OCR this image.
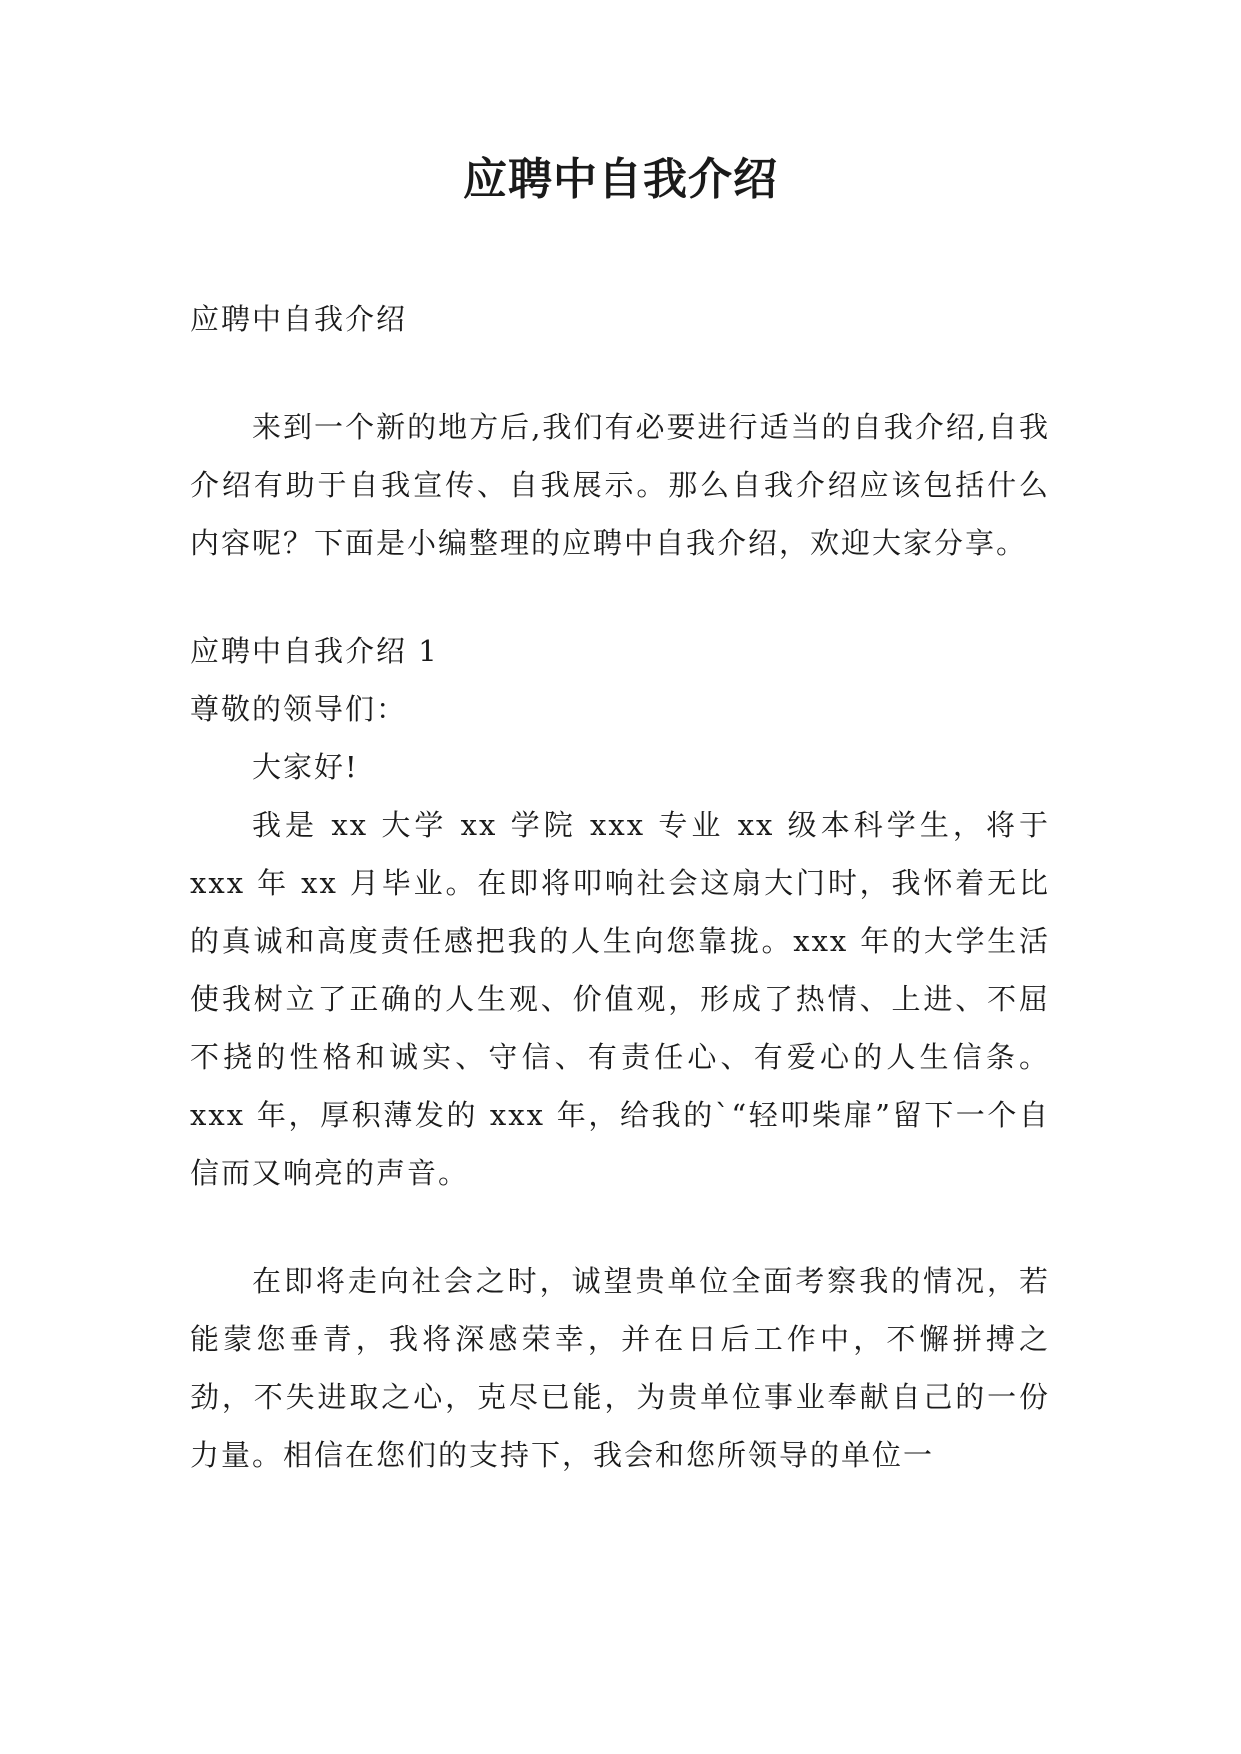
应聘中自我介绍

应聘中自我介绍

来到一个新的地方后,我们有必要进行适当的自我介绍,自我介绍有助于自我宣传、自我展示。那么自我介绍应该包括什么内容呢？下面是小编整理的应聘中自我介绍，欢迎大家分享。

应聘中自我介绍 1

尊敬的领导们：

大家好!

我是 xx 大学 xx 学院 xxx 专业 xx 级本科学生，将于 xxx 年 xx 月毕业。在即将叩响社会这扇大门时，我怀着无比的真诚和高度责任感把我的人生向您靠拢。xxx 年的大学生活使我树立了正确的人生观、价值观，形成了热情、上进、不屈不挠的性格和诚实、守信、有责任心、有爱心的人生信条。xxx 年，厚积薄发的 xxx 年，给我的`“轻叩柴扉”留下一个自信而又响亮的声音。

在即将走向社会之时，诚望贵单位全面考察我的情况，若能蒙您垂青，我将深感荣幸，并在日后工作中，不懈拼搏之劲，不失进取之心，克尽已能，为贵单位事业奉献自己的一份力量。相信在您们的支持下，我会和您所领导的单位一
